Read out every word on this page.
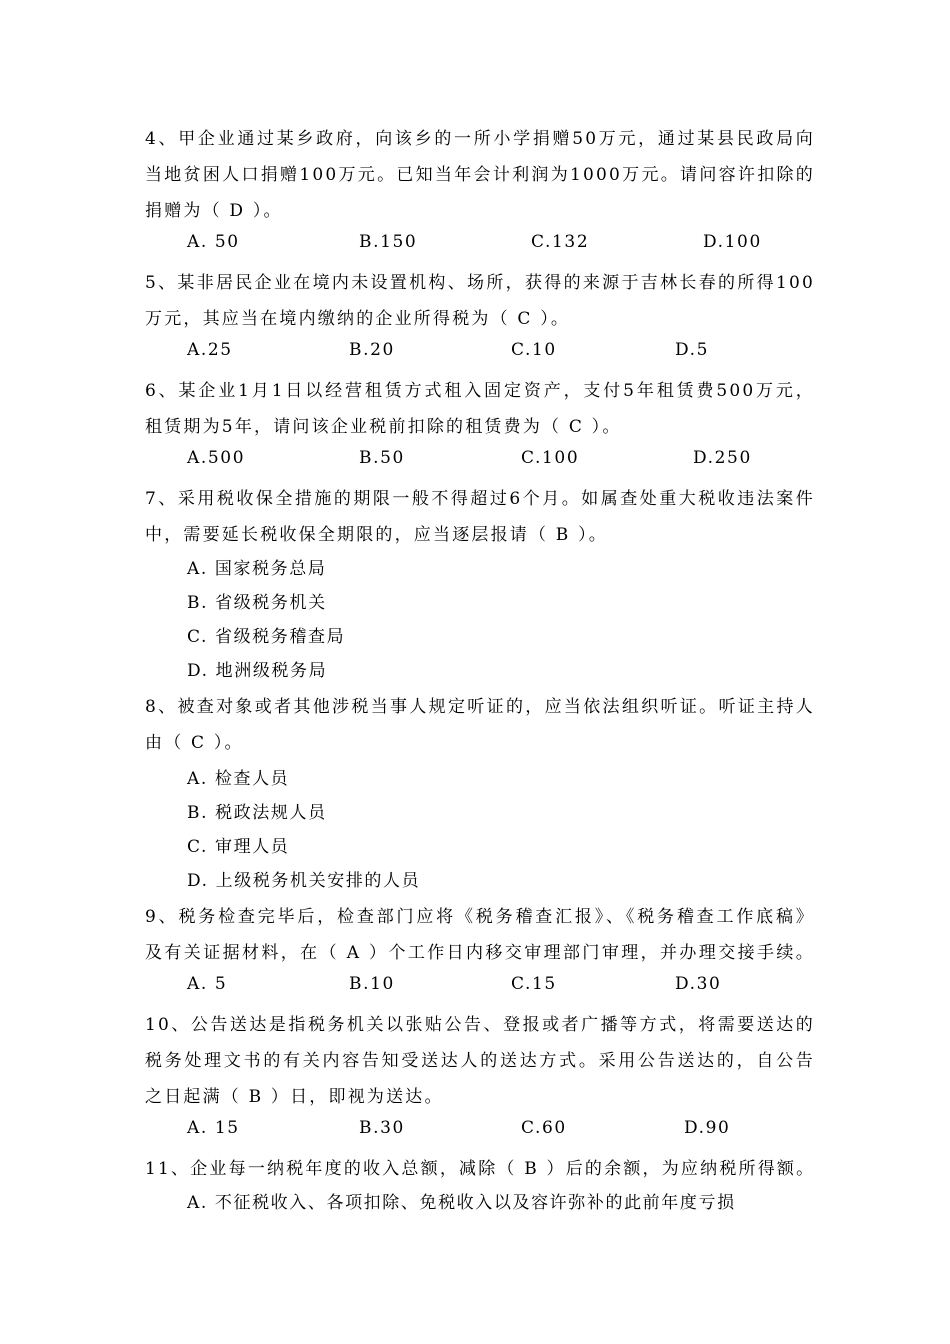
4、甲企业通过某乡政府，向该乡的一所小学捐赠50万元，通过某县民政局向
当地贫困人口捐赠100万元。已知当年会计利润为1000万元。请问容许扣除的
捐赠为（ D ）。
A. 50	B.150	C.132	D.100
5、某非居民企业在境内未设置机构、场所，获得的来源于吉林长春的所得100
万元，其应当在境内缴纳的企业所得税为（ C ）。
A.25	B.20	C.10	D.5
6、某企业1月1日以经营租赁方式租入固定资产，支付5年租赁费500万元，
租赁期为5年，请问该企业税前扣除的租赁费为（ C ）。
A.500	B.50	C.100	D.250
7、采用税收保全措施的期限一般不得超过6个月。如属查处重大税收违法案件
中，需要延长税收保全期限的，应当逐层报请（ B ）。
A. 国家税务总局
B. 省级税务机关
C. 省级税务稽查局
D. 地洲级税务局
8、被查对象或者其他涉税当事人规定听证的，应当依法组织听证。听证主持人
由（ C ）。
A. 检查人员
B. 税政法规人员
C. 审理人员
D. 上级税务机关安排的人员
9、税务检查完毕后，检查部门应将《税务稽查汇报》、《税务稽查工作底稿》
及有关证据材料，在（ A ）个工作日内移交审理部门审理，并办理交接手续。
A. 5	B.10	C.15	D.30
10、公告送达是指税务机关以张贴公告、登报或者广播等方式，将需要送达的
税务处理文书的有关内容告知受送达人的送达方式。采用公告送达的，自公告
之日起满（ B ）日，即视为送达。
A. 15	B.30	C.60	D.90
11、企业每一纳税年度的收入总额，减除（ B ）后的余额，为应纳税所得额。
A. 不征税收入、各项扣除、免税收入以及容许弥补的此前年度亏损
